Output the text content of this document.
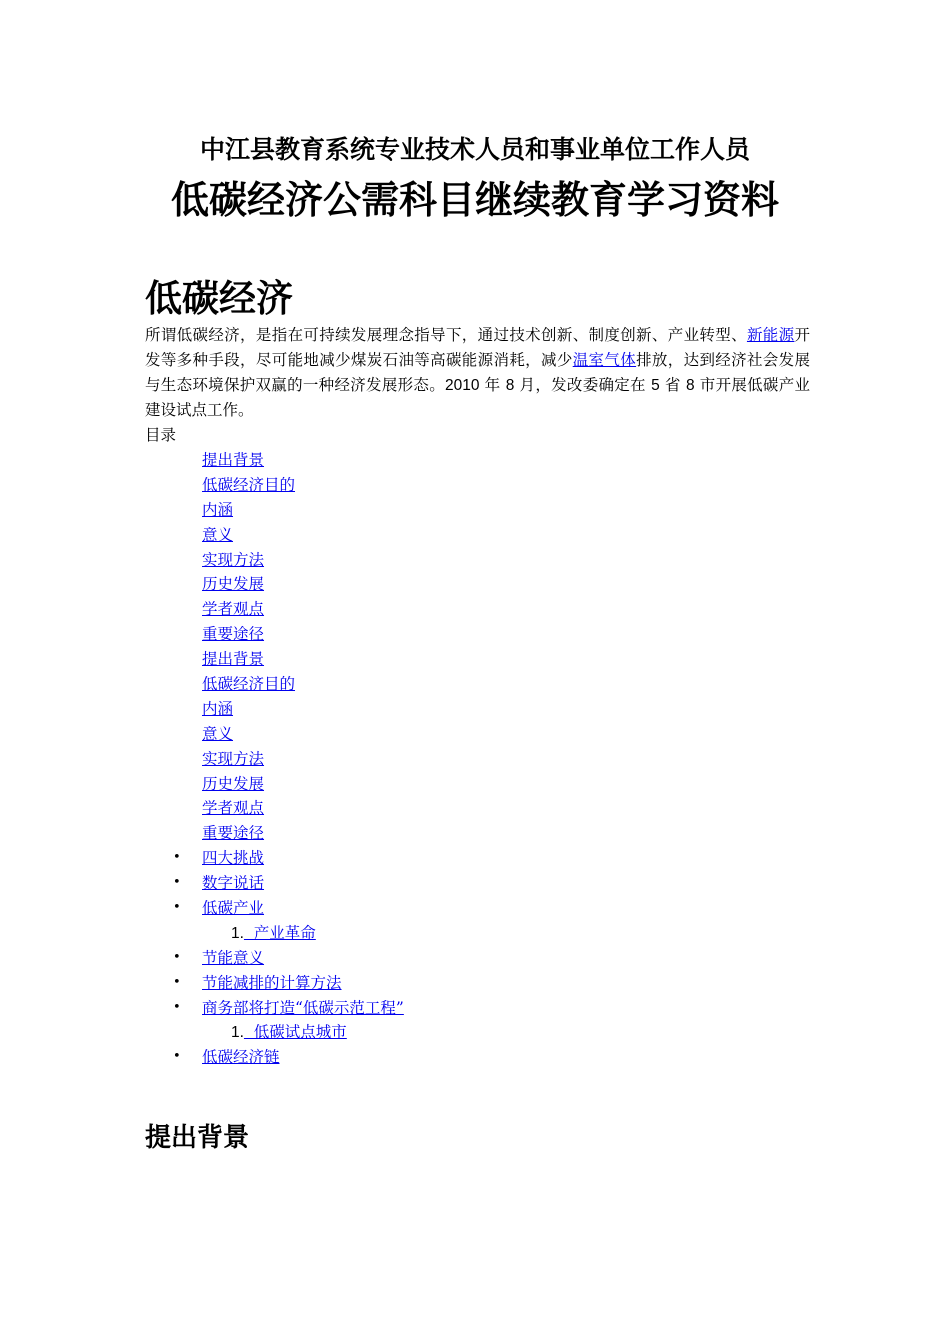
中江县教育系统专业技术人员和事业单位工作人员
低碳经济公需科目继续教育学习资料
低碳经济

所谓低碳经济，是指在可持续发展理念指导下，通过技术创新、制度创新、产业转型、新能源开发等多种手段，尽可能地减少煤炭石油等高碳能源消耗，减少温室气体排放，达到经济社会发展与生态环境保护双赢的一种经济发展形态。2010 年 8 月，发改委确定在 5 省 8 市开展低碳产业建设试点工作。

目录

提出背景
低碳经济目的
内涵
意义
实现方法
历史发展
学者观点
重要途径
提出背景
低碳经济目的
内涵
意义
实现方法
历史发展
学者观点
重要途径
• 四大挑战
• 数字说话
• 低碳产业
1.  产业革命
• 节能意义
• 节能减排的计算方法
• 商务部将打造“低碳示范工程”
1.  低碳试点城市
• 低碳经济链
提出背景
